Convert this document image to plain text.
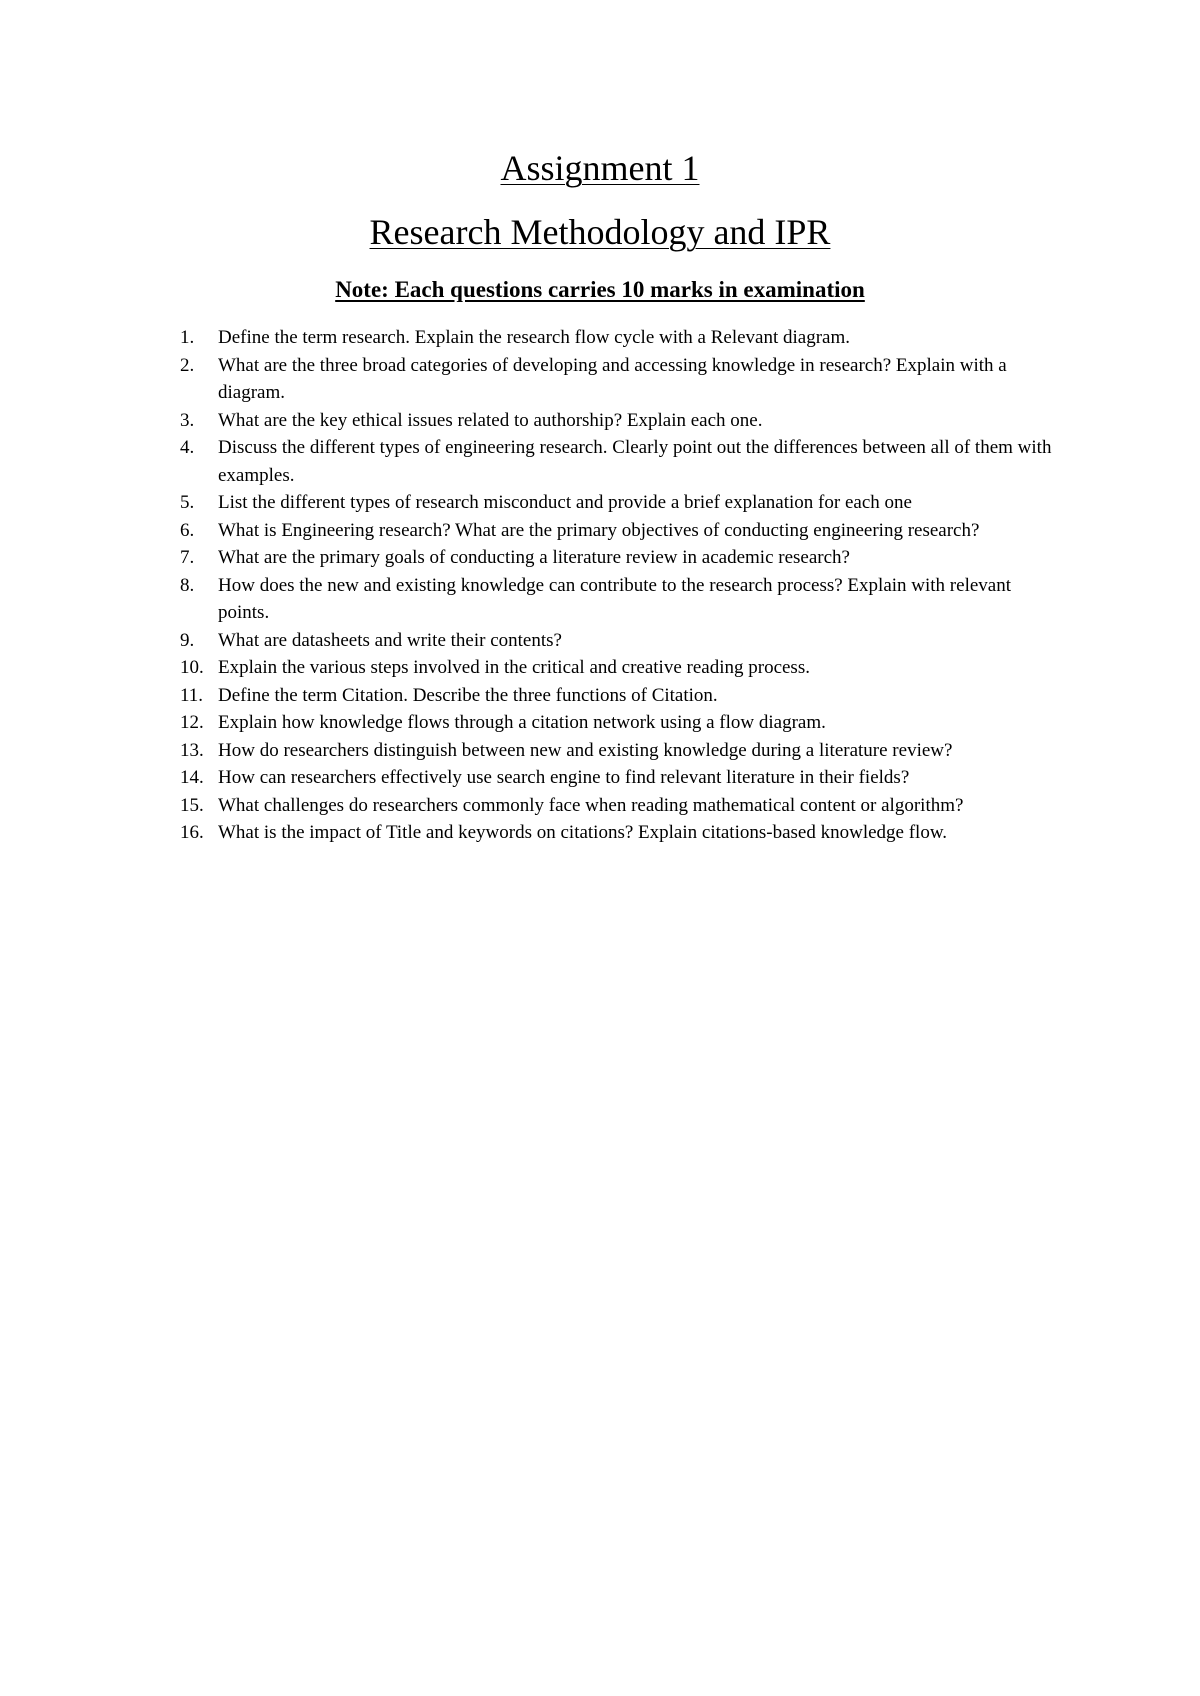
Assignment 1
Research Methodology and IPR

Note: Each questions carries 10 marks in examination

1.	Define the term research. Explain the research flow cycle with a Relevant diagram.
2.	What are the three broad categories of developing and accessing knowledge in research? Explain with a diagram.
3.	What are the key ethical issues related to authorship? Explain each one.
4.	Discuss the different types of engineering research. Clearly point out the differences between all of them with examples.
5.	List the different types of research misconduct and provide a brief explanation for each one
6.	What is Engineering research? What are the primary objectives of conducting engineering research?
7.	What are the primary goals of conducting a literature review in academic research?
8.	How does the new and existing knowledge can contribute to the research process? Explain with relevant points.
9.	What are datasheets and write their contents?
10. Explain the various steps involved in the critical and creative reading process.
11. Define the term Citation. Describe the three functions of Citation.
12. Explain how knowledge flows through a citation network using a flow diagram.
13. How do researchers distinguish between new and existing knowledge during a literature review?
14. How can researchers effectively use search engine to find relevant literature in their fields?
15. What challenges do researchers commonly face when reading mathematical content or algorithm?
16. What is the impact of Title and keywords on citations? Explain citations-based knowledge flow.
